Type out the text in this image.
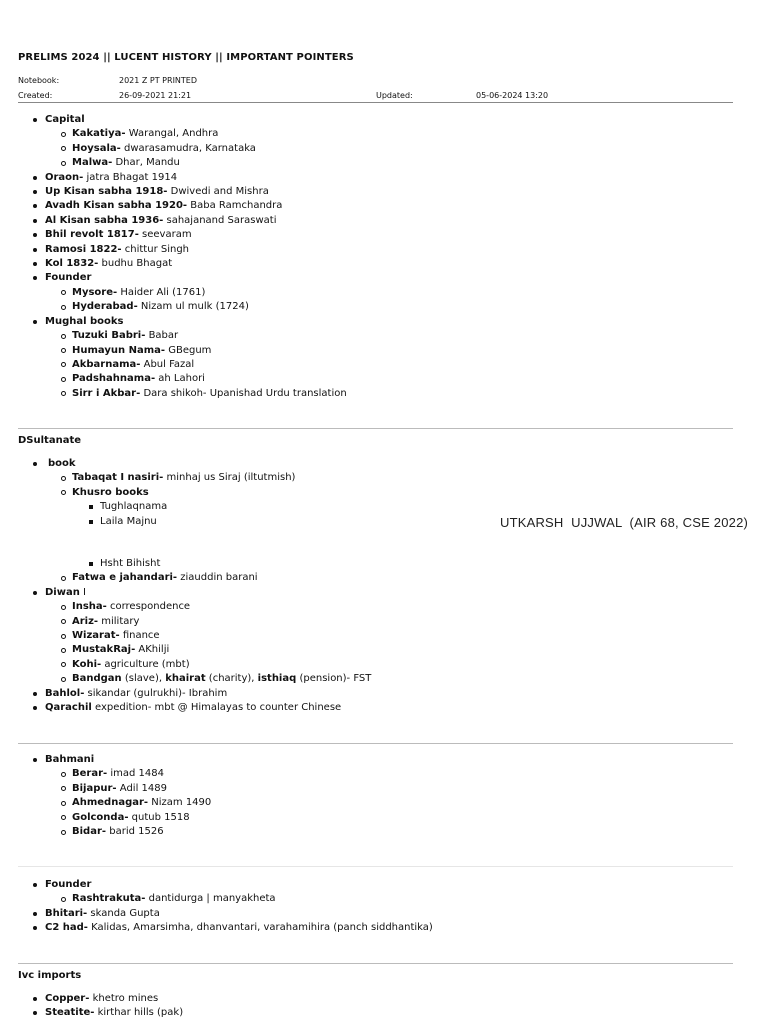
PRELIMS 2024 || LUCENT HISTORY || IMPORTANT POINTERS
Notebook:	2021 Z PT PRINTED
Created:	26-09-2021 21:21	Updated:	05-06-2024 13:20
Capital
Kakatiya- Warangal, Andhra
Hoysala- dwarasamudra, Karnataka
Malwa- Dhar, Mandu
Oraon- jatra Bhagat 1914
Up Kisan sabha 1918- Dwivedi and Mishra
Avadh Kisan sabha 1920- Baba Ramchandra
Al Kisan sabha 1936- sahajanand Saraswati
Bhil revolt 1817- seevaram
Ramosi 1822- chittur Singh
Kol 1832- budhu Bhagat
Founder
Mysore- Haider Ali (1761)
Hyderabad- Nizam ul mulk (1724)
Mughal books
Tuzuki Babri- Babar
Humayun Nama- GBegum
Akbarnama- Abul Fazal
Padshahnama- ah Lahori
Sirr i Akbar- Dara shikoh- Upanishad Urdu translation
DSultanate
book
Tabaqat I nasiri- minhaj us Siraj (iltutmish)
Khusro books
Tughlaqnama
Laila Majnu
Hsht Bihisht
Fatwa e jahandari- ziauddin barani
Diwan I
Insha- correspondence
Ariz- military
Wizarat- finance
MustakRaj- AKhilji
Kohi- agriculture (mbt)
Bandgan (slave), khairat (charity), isthiaq (pension)- FST
Bahlol- sikandar (gulrukhi)- Ibrahim
Qarachil expedition- mbt @ Himalayas to counter Chinese
UTKARSH  UJJWAL  (AIR 68, CSE 2022)
Bahmani
Berar- imad 1484
Bijapur- Adil 1489
Ahmednagar- Nizam 1490
Golconda- qutub 1518
Bidar- barid 1526
Founder
Rashtrakuta- dantidurga | manyakheta
Bhitari- skanda Gupta
C2 had- Kalidas, Amarsimha, dhanvantari, varahamihira (panch siddhantika)
Ivc imports
Copper- khetro mines
Steatite- kirthar hills (pak)
